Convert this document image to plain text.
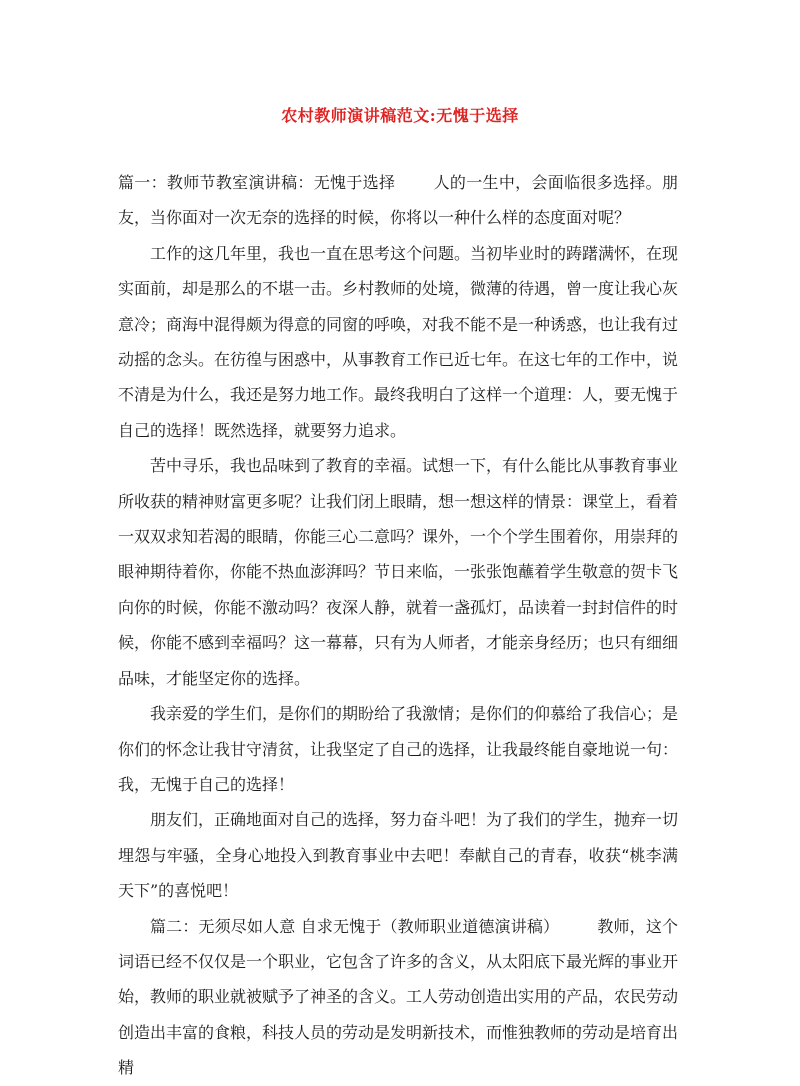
农村教师演讲稿范文:无愧于选择

篇一：教师节教室演讲稿：无愧于选择 人的一生中，会面临很多选择。朋友，当你面对一次无奈的选择的时候，你将以一种什么样的态度面对呢？

工作的这几年里，我也一直在思考这个问题。当初毕业时的踌躇满怀，在现实面前，却是那么的不堪一击。乡村教师的处境，微薄的待遇，曾一度让我心灰意冷；商海中混得颇为得意的同窗的呼唤，对我不能不是一种诱惑，也让我有过动摇的念头。在彷徨与困惑中，从事教育工作已近七年。在这七年的工作中，说不清是为什么，我还是努力地工作。最终我明白了这样一个道理：人，要无愧于自己的选择！既然选择，就要努力追求。

苦中寻乐，我也品味到了教育的幸福。试想一下，有什么能比从事教育事业所收获的精神财富更多呢？让我们闭上眼睛，想一想这样的情景：课堂上，看着一双双求知若渴的眼睛，你能三心二意吗？课外，一个个学生围着你，用崇拜的眼神期待着你，你能不热血澎湃吗？节日来临，一张张饱蘸着学生敬意的贺卡飞向你的时候，你能不激动吗？夜深人静，就着一盏孤灯，品读着一封封信件的时候，你能不感到幸福吗？这一幕幕，只有为人师者，才能亲身经历；也只有细细品味，才能坚定你的选择。

我亲爱的学生们，是你们的期盼给了我激情；是你们的仰慕给了我信心；是你们的怀念让我甘守清贫，让我坚定了自己的选择，让我最终能自豪地说一句：我，无愧于自己的选择！

朋友们，正确地面对自己的选择，努力奋斗吧！为了我们的学生，抛弃一切埋怨与牢骚，全身心地投入到教育事业中去吧！奉献自己的青春，收获“桃李满天下”的喜悦吧！

篇二：无须尽如人意 自求无愧于（教师职业道德演讲稿） 教师，这个词语已经不仅仅是一个职业，它包含了许多的含义，从太阳底下最光辉的事业开始，教师的职业就被赋予了神圣的含义。工人劳动创造出实用的产品，农民劳动创造出丰富的食粮，科技人员的劳动是发明新技术，而惟独教师的劳动是培育出精
